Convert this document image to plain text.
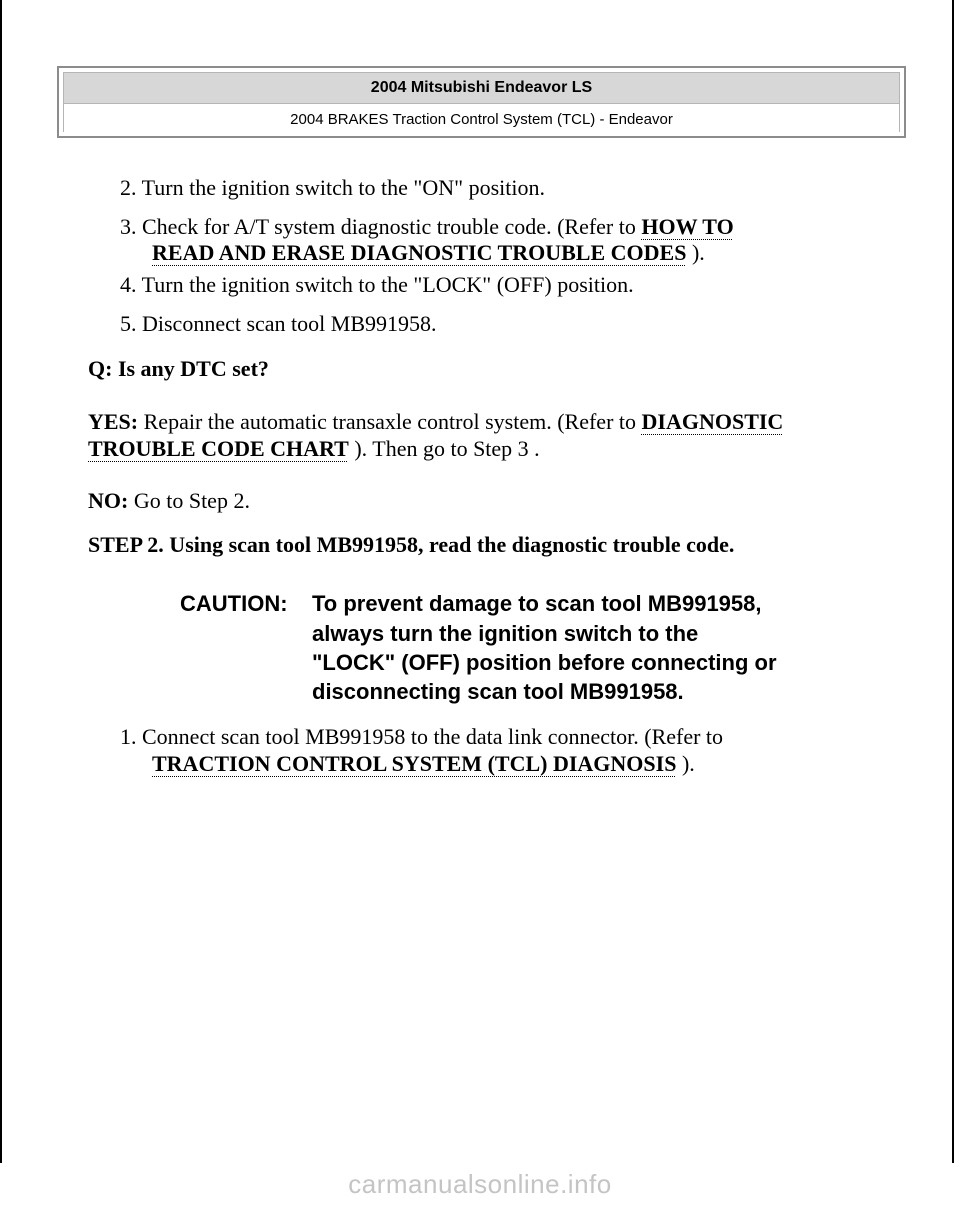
2004 Mitsubishi Endeavor LS
2004 BRAKES Traction Control System (TCL) - Endeavor
2. Turn the ignition switch to the "ON" position.
3. Check for A/T system diagnostic trouble code. (Refer to HOW TO
READ AND ERASE DIAGNOSTIC TROUBLE CODES ).
4. Turn the ignition switch to the "LOCK" (OFF) position.
5. Disconnect scan tool MB991958.
Q: Is any DTC set?
YES: Repair the automatic transaxle control system. (Refer to DIAGNOSTIC
TROUBLE CODE CHART ). Then go to Step 3 .
NO: Go to Step 2.
STEP 2. Using scan tool MB991958, read the diagnostic trouble code.
CAUTION: To prevent damage to scan tool MB991958,
always turn the ignition switch to the
"LOCK" (OFF) position before connecting or
disconnecting scan tool MB991958.
1. Connect scan tool MB991958 to the data link connector. (Refer to
TRACTION CONTROL SYSTEM (TCL) DIAGNOSIS ).
carmanualsonline.info
